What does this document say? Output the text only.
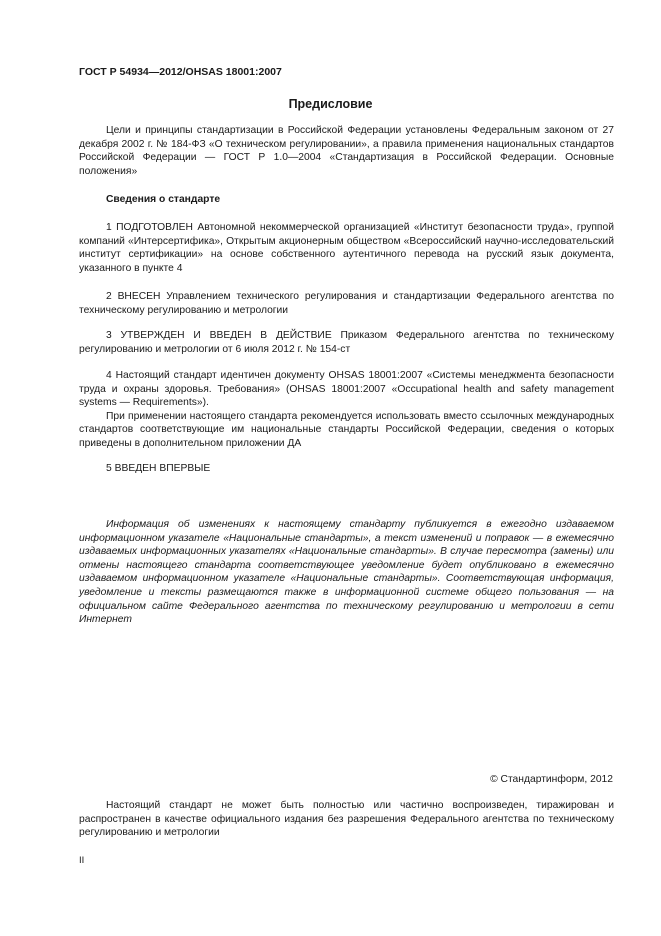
ГОСТ Р 54934—2012/OHSAS 18001:2007
Предисловие

Цели и принципы стандартизации в Российской Федерации установлены Федеральным законом от 27 декабря 2002 г. № 184-ФЗ «О техническом регулировании», а правила применения национальных стандартов Российской Федерации — ГОСТ Р 1.0—2004 «Стандартизация в Российской Федерации. Основные положения»

Сведения о стандарте

1 ПОДГОТОВЛЕН Автономной некоммерческой организацией «Институт безопасности труда», группой компаний «Интерсертифика», Открытым акционерным обществом «Всероссийский научно-исследовательский институт сертификации» на основе собственного аутентичного перевода на русский язык документа, указанного в пункте 4

2 ВНЕСЕН Управлением технического регулирования и стандартизации Федерального агентства по техническому регулированию и метрологии

3 УТВЕРЖДЕН И ВВЕДЕН В ДЕЙСТВИЕ Приказом Федерального агентства по техническому регулированию и метрологии от 6 июля 2012 г. № 154-ст

4 Настоящий стандарт идентичен документу OHSAS 18001:2007 «Системы менеджмента безопасности труда и охраны здоровья. Требования» (OHSAS 18001:2007 «Occupational health and safety management systems — Requirements»).

При применении настоящего стандарта рекомендуется использовать вместо ссылочных международных стандартов соответствующие им национальные стандарты Российской Федерации, сведения о которых приведены в дополнительном приложении ДА

5 ВВЕДЕН ВПЕРВЫЕ

Информация об изменениях к настоящему стандарту публикуется в ежегодно издаваемом информационном указателе «Национальные стандарты», а текст изменений и поправок — в ежемесячно издаваемых информационных указателях «Национальные стандарты». В случае пересмотра (замены) или отмены настоящего стандарта соответствующее уведомление будет опубликовано в ежемесячно издаваемом информационном указателе «Национальные стандарты». Соответствующая информация, уведомление и тексты размещаются также в информационной системе общего пользования — на официальном сайте Федерального агентства по техническому регулированию и метрологии в сети Интернет

© Стандартинформ, 2012

Настоящий стандарт не может быть полностью или частично воспроизведен, тиражирован и распространен в качестве официального издания без разрешения Федерального агентства по техническому регулированию и метрологии

II
